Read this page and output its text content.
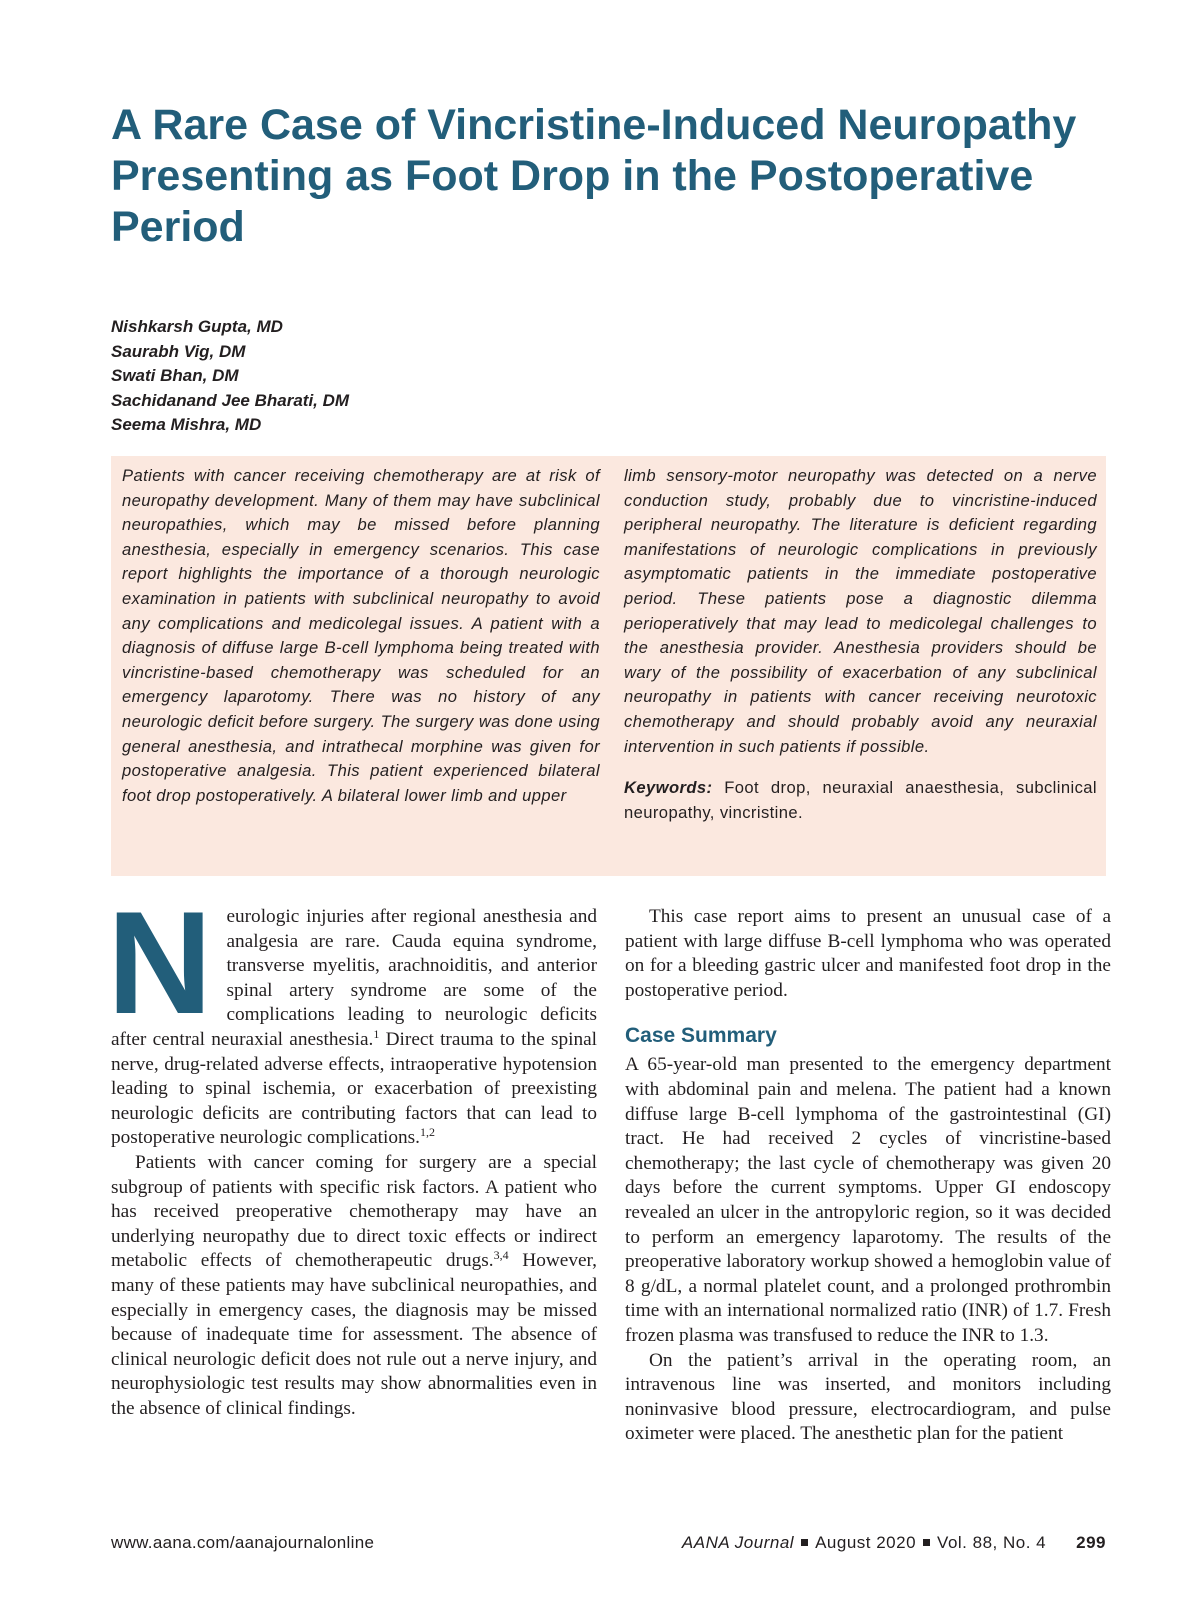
A Rare Case of Vincristine-Induced Neuropathy
Presenting as Foot Drop in the Postoperative
Period
Nishkarsh Gupta, MD
Saurabh Vig, DM
Swati Bhan, DM
Sachidanand Jee Bharati, DM
Seema Mishra, MD

Patients with cancer receiving chemotherapy are at risk of neuropathy development. Many of them may have subclinical neuropathies, which may be missed before planning anesthesia, especially in emergency scenarios. This case report highlights the importance of a thorough neurologic examination in patients with subclinical neuropathy to avoid any complications and medicolegal issues. A patient with a diagnosis of diffuse large B-cell lymphoma being treated with vincristine-based chemotherapy was scheduled for an emergency laparotomy. There was no history of any neurologic deficit before surgery. The surgery was done using general anesthesia, and intrathecal morphine was given for postoperative analgesia. This patient experienced bilateral foot drop postoperatively. A bilateral lower limb and upper

limb sensory-motor neuropathy was detected on a nerve conduction study, probably due to vincristine-induced peripheral neuropathy. The literature is deficient regarding manifestations of neurologic complications in previously asymptomatic patients in the immediate postoperative period. These patients pose a diagnostic dilemma perioperatively that may lead to medicolegal challenges to the anesthesia provider. Anesthesia providers should be wary of the possibility of exacerbation of any subclinical neuropathy in patients with cancer receiving neurotoxic chemotherapy and should probably avoid any neuraxial intervention in such patients if possible.

Keywords: Foot drop, neuraxial anaesthesia, subclinical neuropathy, vincristine.

Neurologic injuries after regional anesthesia and analgesia are rare. Cauda equina syndrome, transverse myelitis, arachnoiditis, and anterior spinal artery syndrome are some of the complications leading to neurologic deficits after central neuraxial anesthesia.$^1$ Direct trauma to the spinal nerve, drug-related adverse effects, intraoperative hypotension leading to spinal ischemia, or exacerbation of preexisting neurologic deficits are contributing factors that can lead to postoperative neurologic complications.$^{1,2}$

Patients with cancer coming for surgery are a special subgroup of patients with specific risk factors. A patient who has received preoperative chemotherapy may have an underlying neuropathy due to direct toxic effects or indirect metabolic effects of chemotherapeutic drugs.$^{3,4}$ However, many of these patients may have subclinical neuropathies, and especially in emergency cases, the diagnosis may be missed because of inadequate time for assessment. The absence of clinical neurologic deficit does not rule out a nerve injury, and neurophysiologic test results may show abnormalities even in the absence of clinical findings.

This case report aims to present an unusual case of a patient with large diffuse B-cell lymphoma who was operated on for a bleeding gastric ulcer and manifested foot drop in the postoperative period.

Case Summary

A 65-year-old man presented to the emergency department with abdominal pain and melena. The patient had a known diffuse large B-cell lymphoma of the gastrointestinal (GI) tract. He had received 2 cycles of vincristine-based chemotherapy; the last cycle of chemotherapy was given 20 days before the current symptoms. Upper GI endoscopy revealed an ulcer in the antropyloric region, so it was decided to perform an emergency laparotomy. The results of the preoperative laboratory workup showed a hemoglobin value of 8 g/dL, a normal platelet count, and a prolonged prothrombin time with an international normalized ratio (INR) of 1.7. Fresh frozen plasma was transfused to reduce the INR to 1.3.

On the patient’s arrival in the operating room, an intravenous line was inserted, and monitors including noninvasive blood pressure, electrocardiogram, and pulse oximeter were placed. The anesthetic plan for the patient

www.aana.com/aanajournalonline	AANA Journal August 2020 Vol. 88, No. 4 299
